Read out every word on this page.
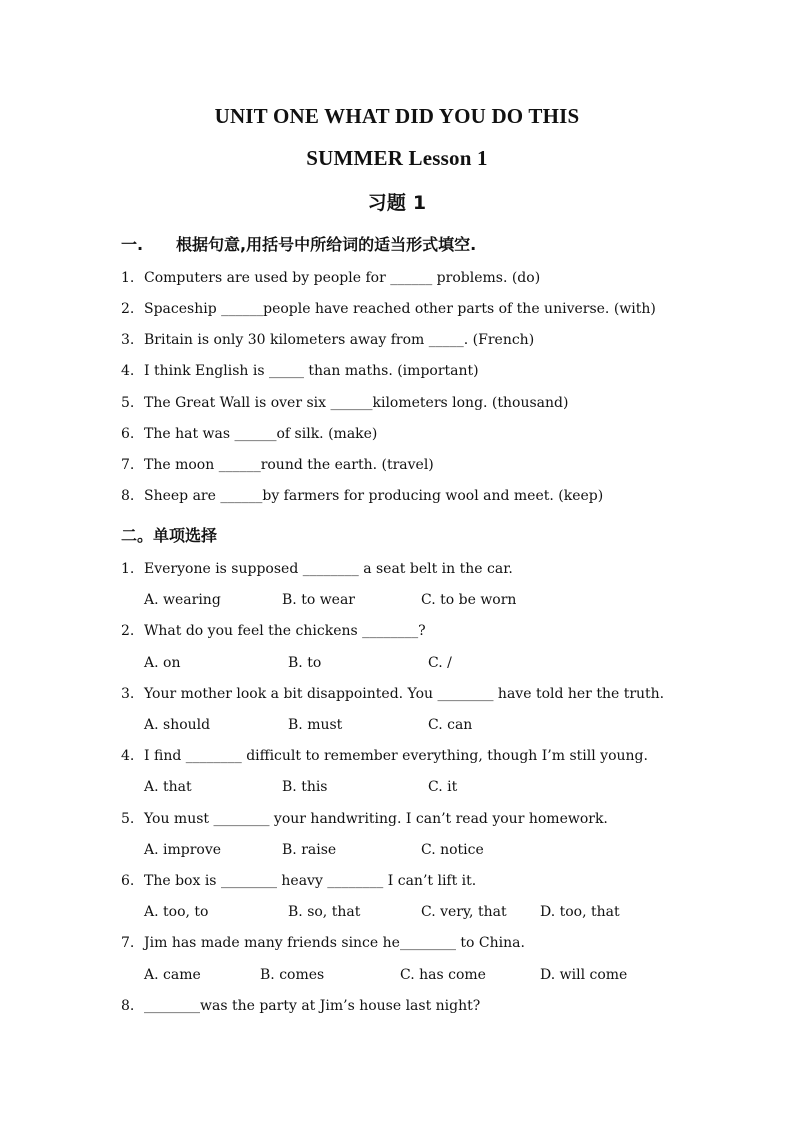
UNIT ONE WHAT DID YOU DO THIS
SUMMER Lesson 1
习题 1
一. 根据句意,用括号中所给词的适当形式填空.
1. Computers are used by people for ______ problems. (do)
2. Spaceship ______people have reached other parts of the universe. (with)
3. Britain is only 30 kilometers away from _____. (French)
4. I think English is _____ than maths. (important)
5. The Great Wall is over six ______kilometers long. (thousand)
6. The hat was ______of silk. (make)
7. The moon ______round the earth. (travel)
8. Sheep are ______by farmers for producing wool and meet. (keep)
二。单项选择
1. Everyone is supposed ________ a seat belt in the car.
A. wearing	B. to wear	C. to be worn
2. What do you feel the chickens ________?
A. on	B. to	C. /
3. Your mother look a bit disappointed. You ________ have told her the truth.
A. should	B. must	C. can
4. I find ________ difficult to remember everything, though I’m still young.
A. that	B. this	C. it
5. You must ________ your handwriting. I can’t read your homework.
A. improve	B. raise	C. notice
6. The box is ________ heavy ________ I can’t lift it.
A. too, to	B. so, that	C. very, that D. too, that
7. Jim has made many friends since he________ to China.
A. came	B. comes	C. has come	D. will come
8. ________was the party at Jim’s house last night?
